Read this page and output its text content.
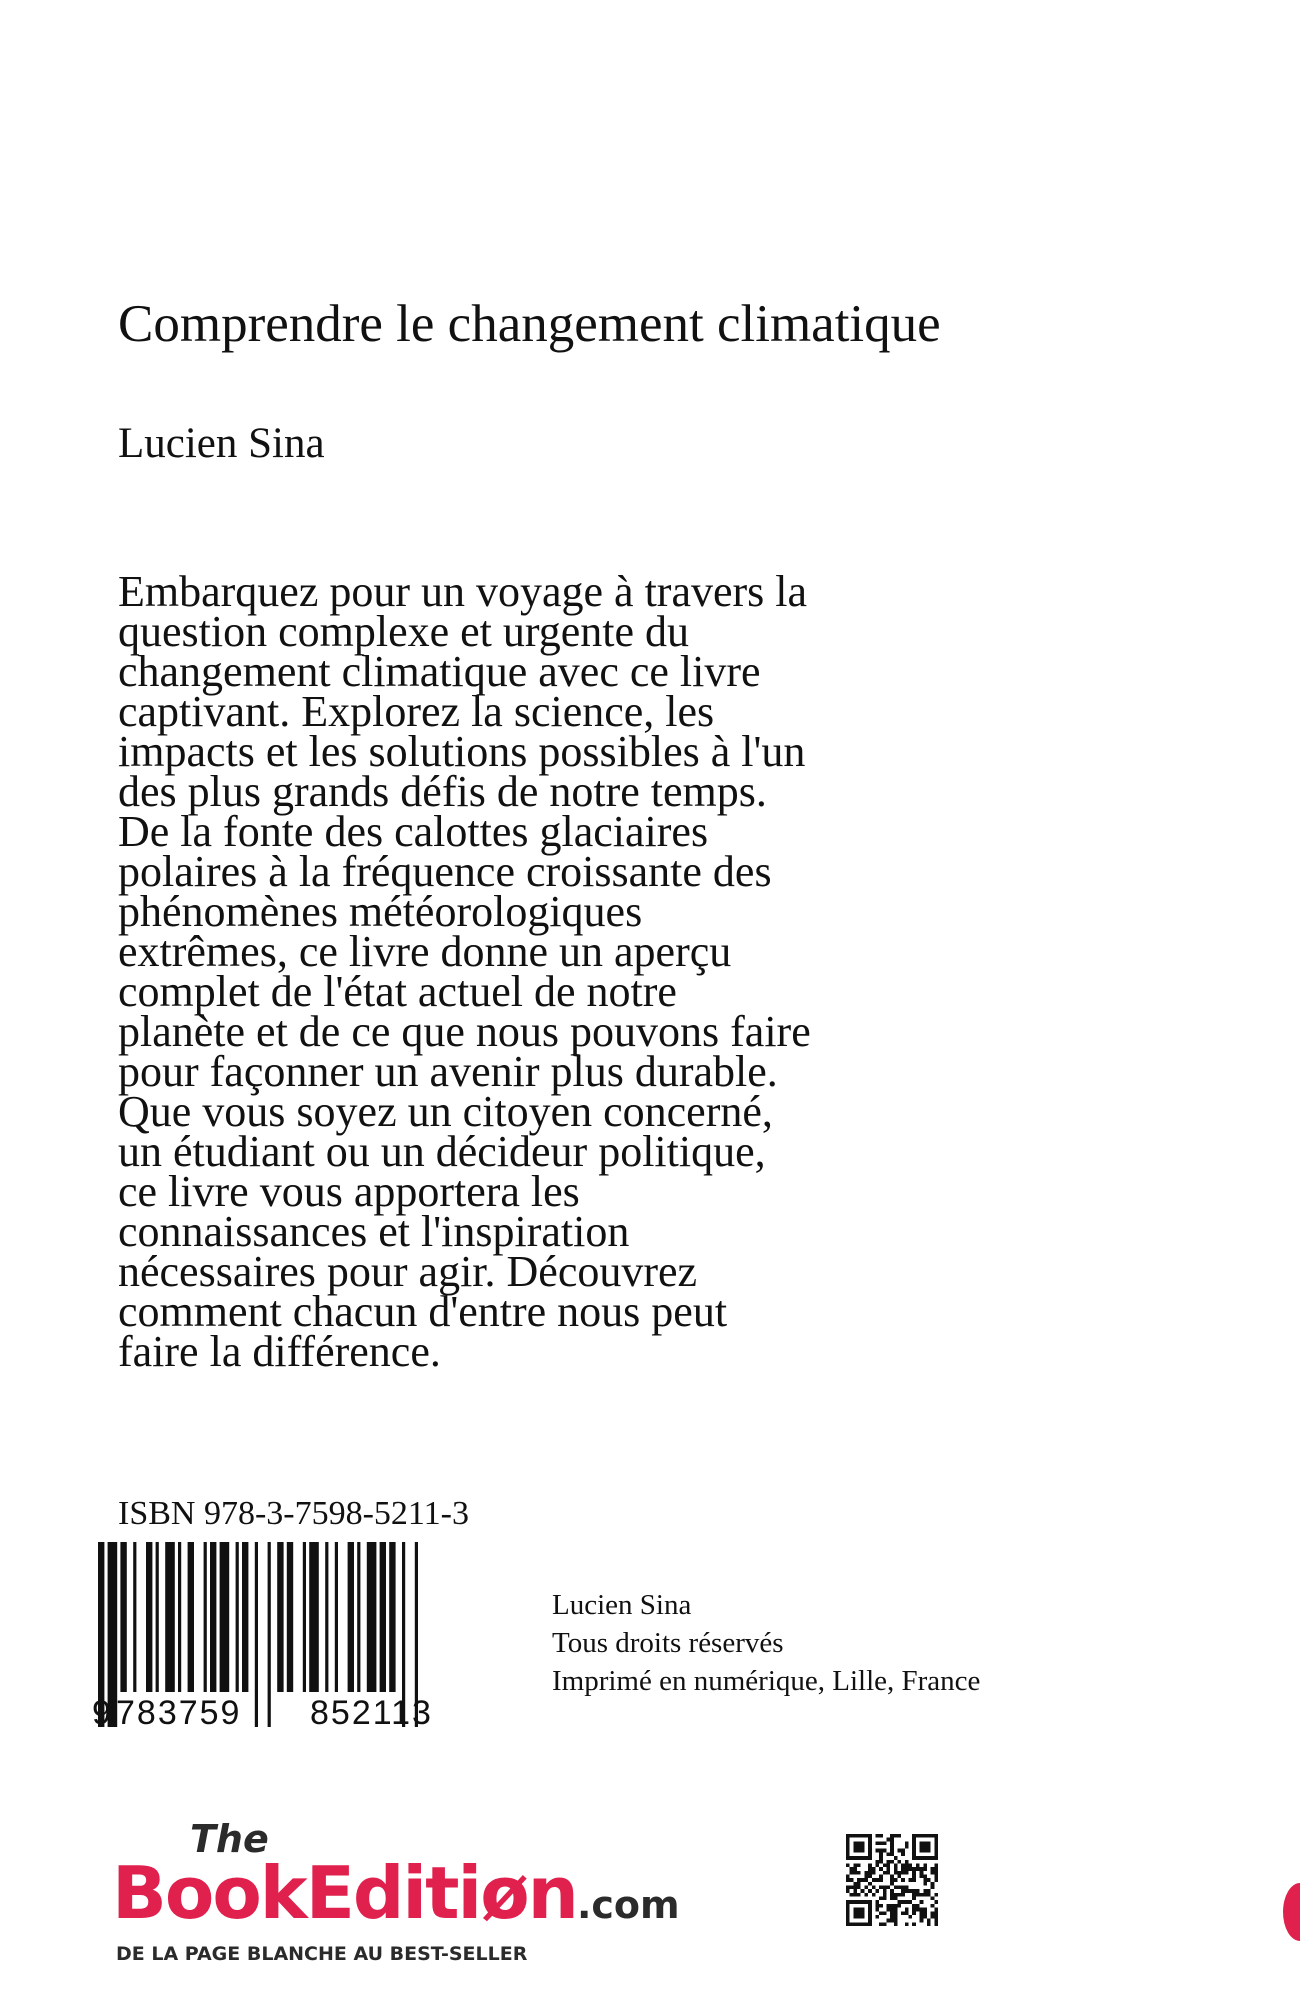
Comprendre le changement climatique
Lucien Sina
Embarquez pour un voyage à travers la
question complexe et urgente du
changement climatique avec ce livre
captivant. Explorez la science, les
impacts et les solutions possibles à l'un
des plus grands défis de notre temps.
De la fonte des calottes glaciaires
polaires à la fréquence croissante des
phénomènes météorologiques
extrêmes, ce livre donne un aperçu
complet de l'état actuel de notre
planète et de ce que nous pouvons faire
pour façonner un avenir plus durable.
Que vous soyez un citoyen concerné,
un étudiant ou un décideur politique,
ce livre vous apportera les
connaissances et l'inspiration
nécessaires pour agir. Découvrez
comment chacun d'entre nous peut
faire la différence.
ISBN 978-3-7598-5211-3
9 783759 852113
Lucien Sina
Tous droits réservés
Imprimé en numérique, Lille, France
The
BookEditiøn.com
DE LA PAGE BLANCHE AU BEST-SELLER
